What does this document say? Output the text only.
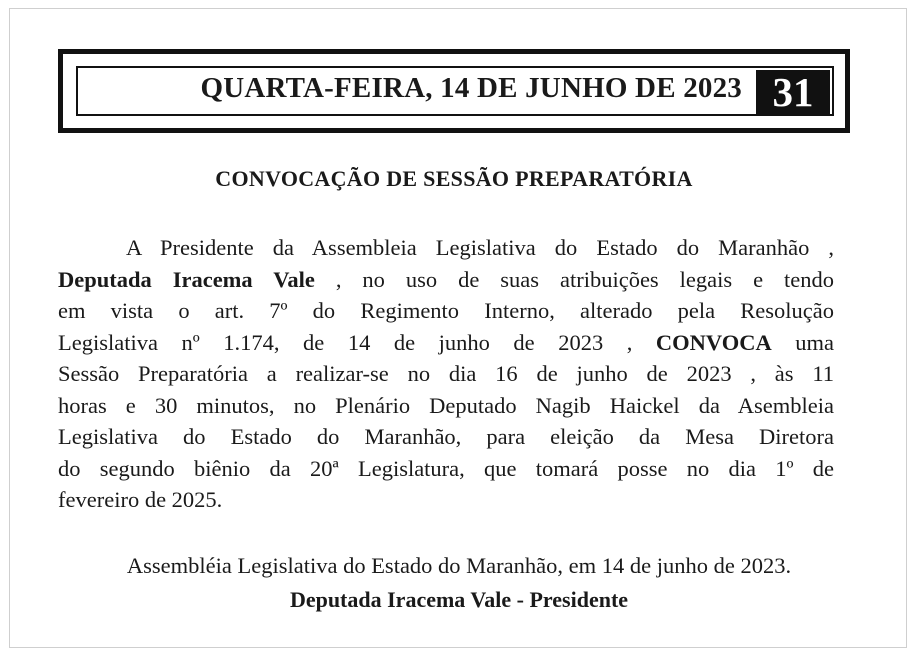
QUARTA-FEIRA, 14 DE JUNHO DE 2023 31
CONVOCAÇÃO DE SESSÃO PREPARATÓRIA
A Presidente da Assembleia Legislativa do Estado do Maranhão ,
Deputada Iracema Vale , no uso de suas atribuições legais e tendo
em vista o art. 7º do Regimento Interno, alterado pela Resolução
Legislativa nº 1.174, de 14 de junho de 2023 , CONVOCA uma
Sessão Preparatória a realizar-se no dia 16 de junho de 2023 , às 11
horas e 30 minutos, no Plenário Deputado Nagib Haickel da Asembleia
Legislativa do Estado do Maranhão, para eleição da Mesa Diretora
do segundo biênio da 20ª Legislatura, que tomará posse no dia 1º de
fevereiro de 2025.
Assembléia Legislativa do Estado do Maranhão, em 14 de junho de 2023.
Deputada Iracema Vale - Presidente
